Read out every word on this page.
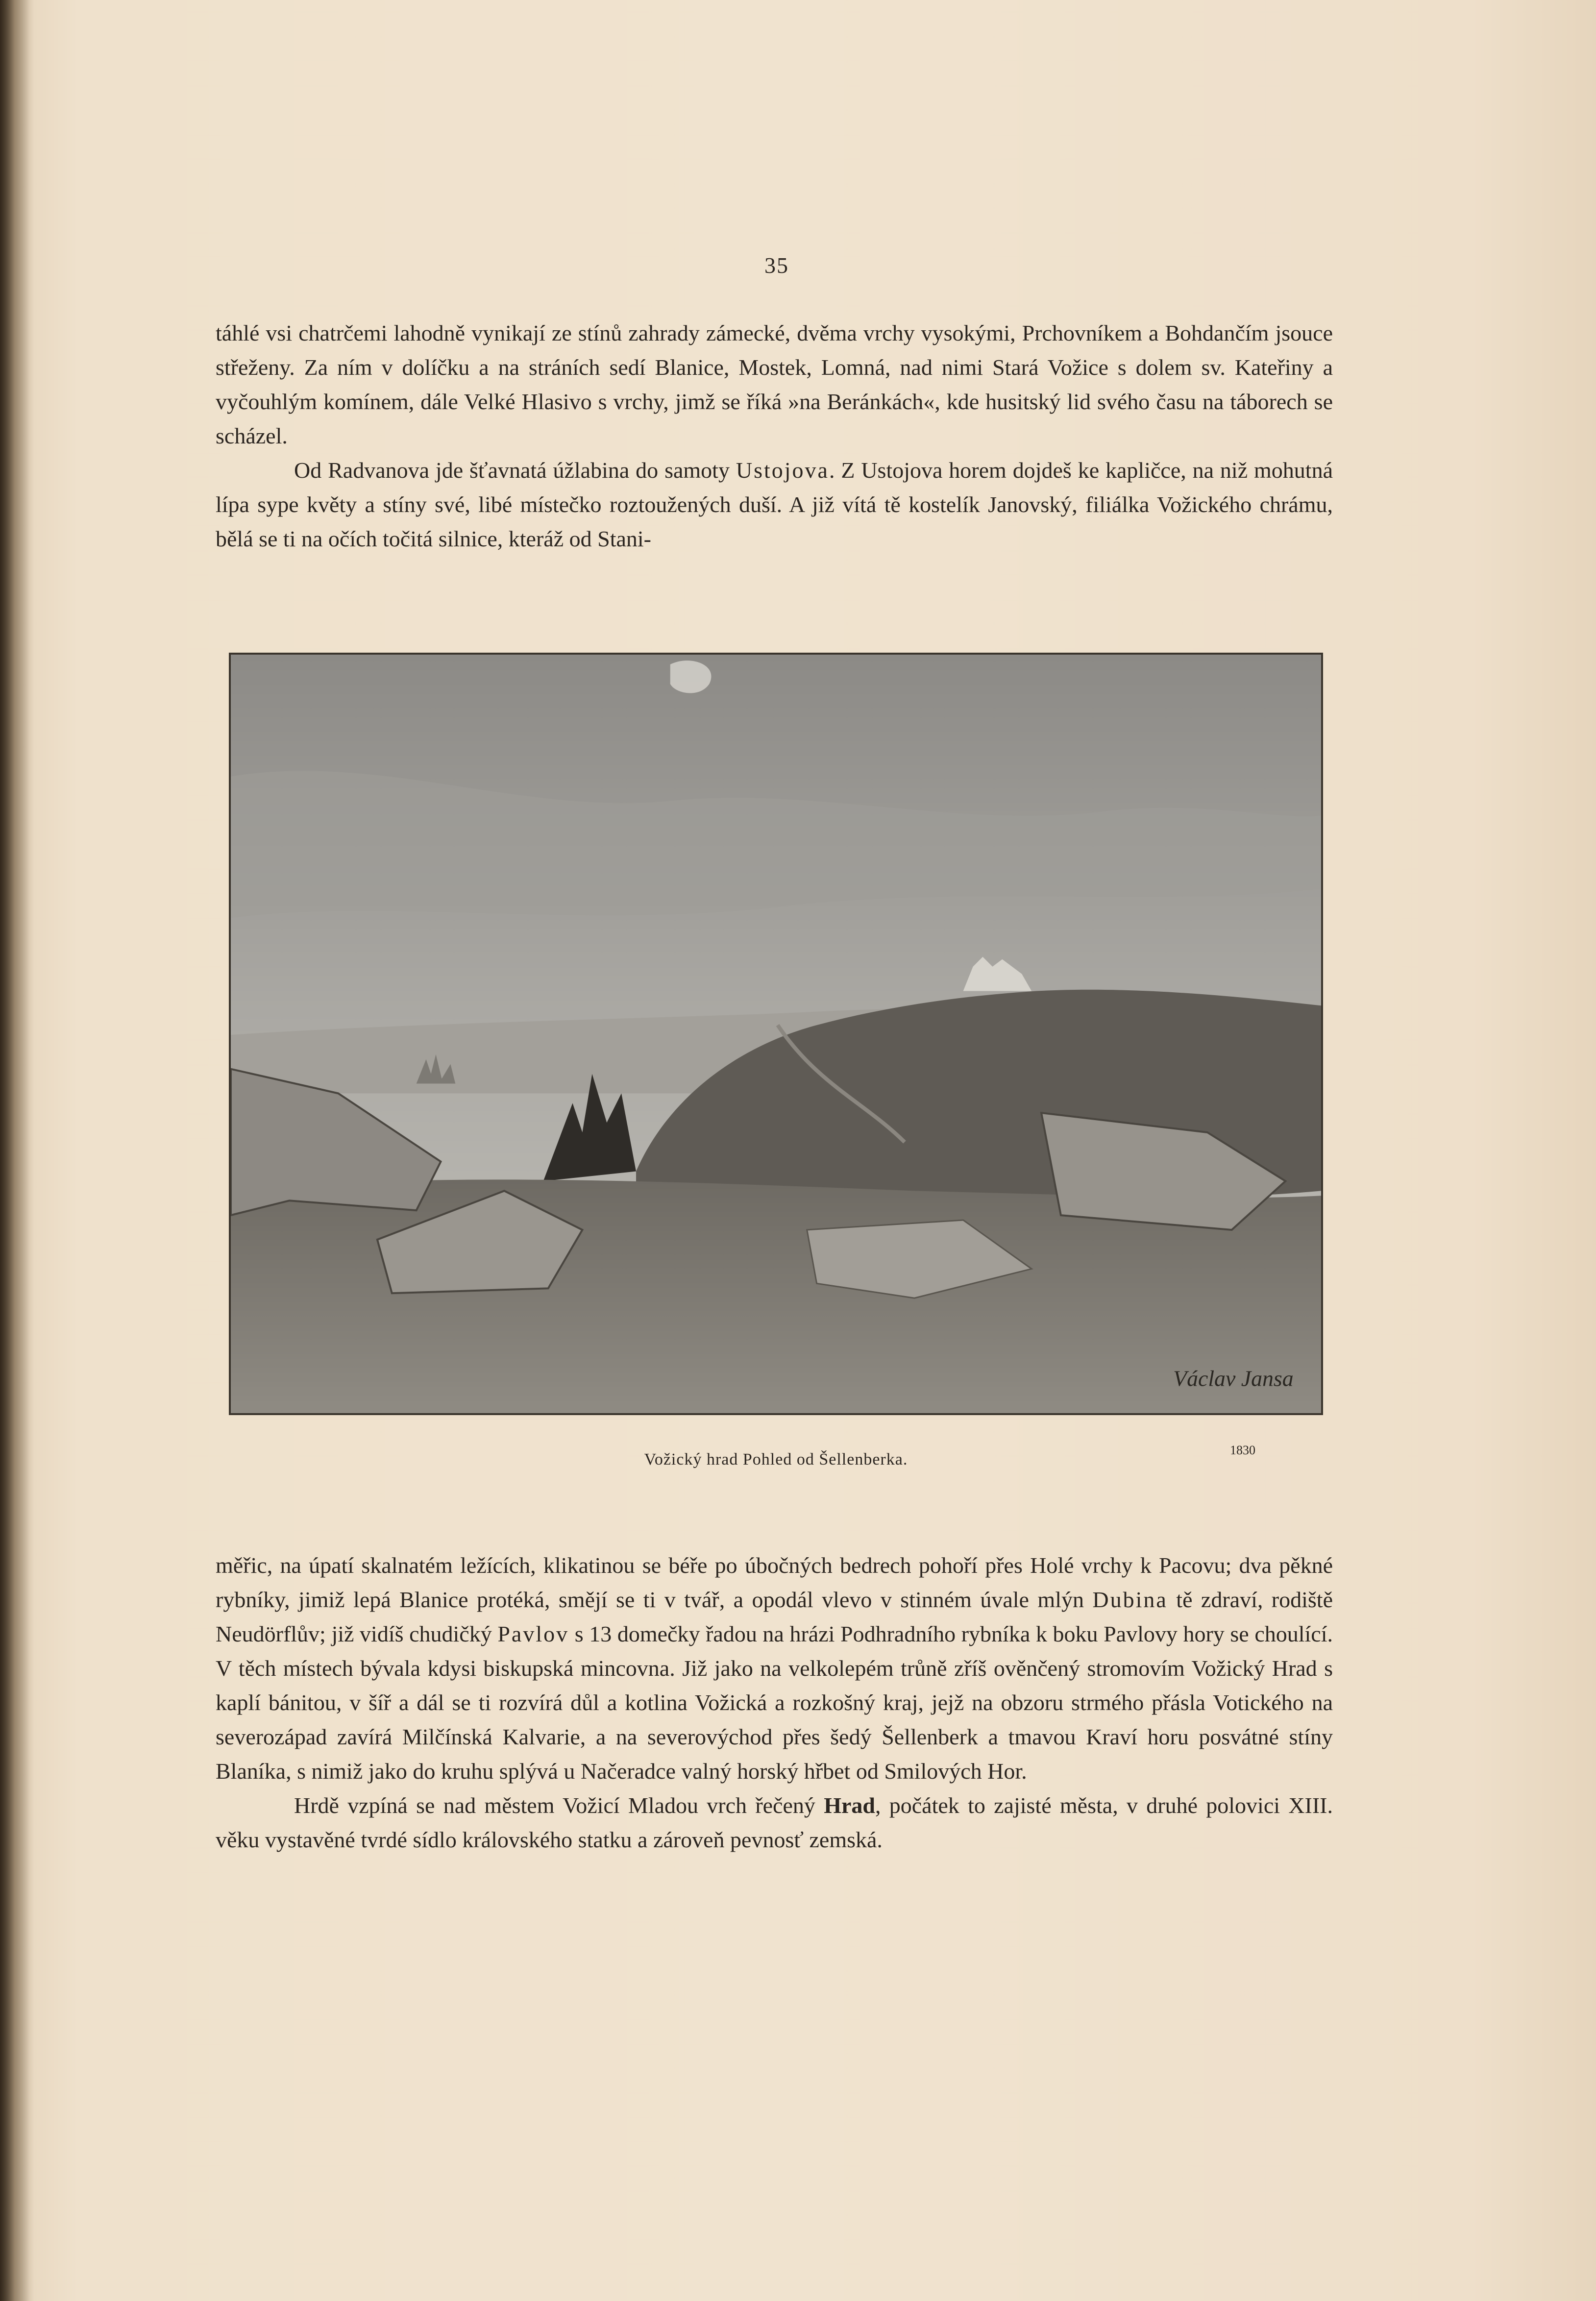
35

táhlé vsi chatrčemi lahodně vynikají ze stínů zahrady zámecké, dvěma vrchy vysokými, Prchovníkem a Bohdančím jsouce střeženy. Za ním v dolíčku a na stráních sedí Blanice, Mostek, Lomná, nad nimi Stará Vožice s dolem sv. Kateřiny a vyčouhlým komínem, dále Velké Hlasivo s vrchy, jimž se říká »na Beránkách«, kde husitský lid svého času na táborech se scházel.

Od Radvanova jde šťavnatá úžlabina do samoty Ustojova. Z Ustojova horem dojdeš ke kapličce, na niž mohutná lípa sype květy a stíny své, libé místečko roztoužených duší. A již vítá tě kostelík Janovský, filiálka Vožického chrámu, bělá se ti na očích točitá silnice, kteráž od Stani-

Václav Jansa
Vožický hrad Pohled od Šellenberka.
1830

měřic, na úpatí skalnatém ležících, klikatinou se béře po úbočných bedrech pohoří přes Holé vrchy k Pacovu; dva pěkné rybníky, jimiž lepá Blanice protéká, smějí se ti v tvář, a opodál vlevo v stinném úvale mlýn Dubina tě zdraví, rodiště Neudörflův; již vidíš chudičký Pavlov s 13 domečky řadou na hrázi Podhradního rybníka k boku Pavlovy hory se choulící. V těch místech bývala kdysi biskupská mincovna. Již jako na velkolepém trůně zříš ověnčený stromovím Vožický Hrad s kaplí bánitou, v šíř a dál se ti rozvírá důl a kotlina Vožická a rozkošný kraj, jejž na obzoru strmého přásla Votického na severozápad zavírá Milčínská Kalvarie, a na severovýchod přes šedý Šellenberk a tmavou Kraví horu posvátné stíny Blaníka, s nimiž jako do kruhu splývá u Načeradce valný horský hřbet od Smilových Hor.

Hrdě vzpíná se nad městem Vožicí Mladou vrch řečený Hrad, počátek to zajisté města, v druhé polovici XIII. věku vystavěné tvrdé sídlo královského statku a zároveň pevnosť zemská.
